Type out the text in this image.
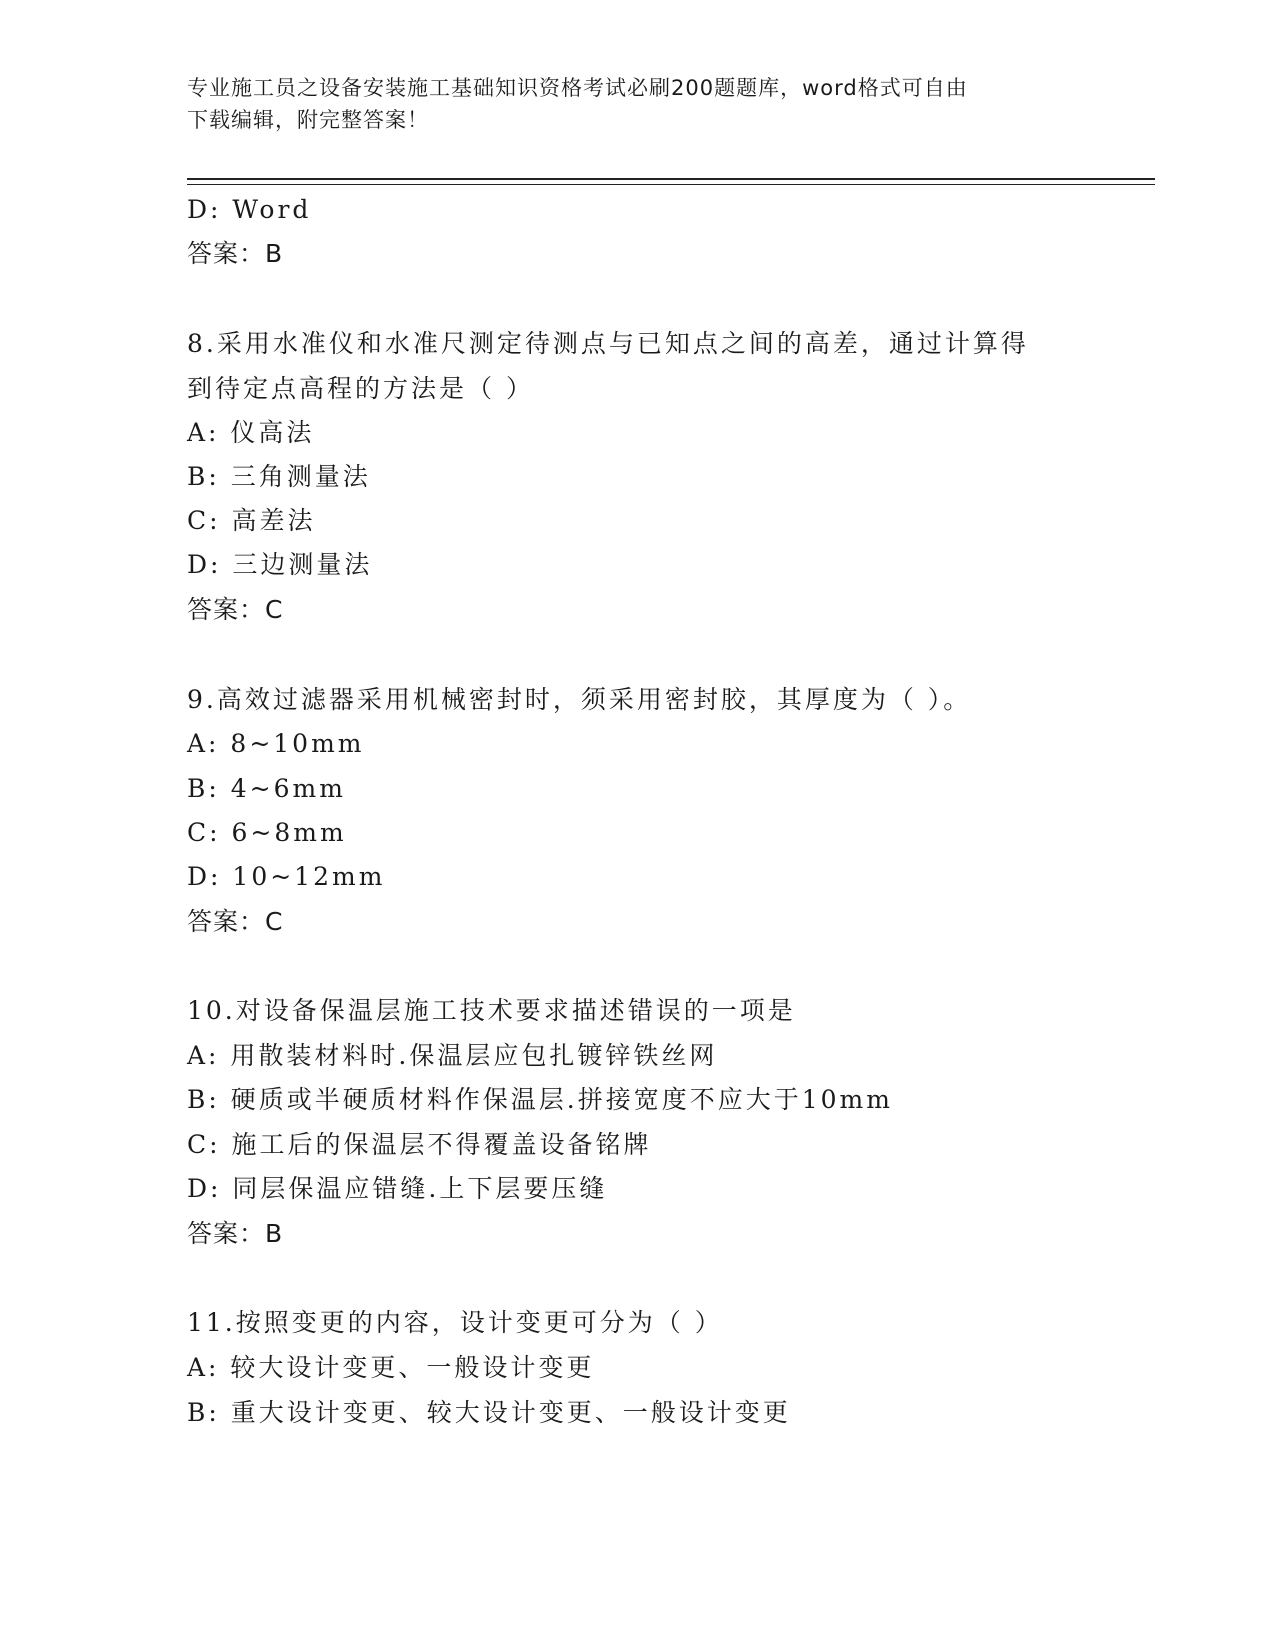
专业施工员之设备安装施工基础知识资格考试必刷200题题库，word格式可自由
下载编辑，附完整答案！
D: Word
答案：B
8.采用水准仪和水准尺测定待测点与已知点之间的高差，通过计算得
到待定点高程的方法是（ ）
A: 仪高法
B: 三角测量法
C: 高差法
D: 三边测量法
答案：C
9.高效过滤器采用机械密封时，须采用密封胶，其厚度为（ ）。
A: 8~10mm
B: 4~6mm
C: 6~8mm
D: 10~12mm
答案：C
10.对设备保温层施工技术要求描述错误的一项是
A: 用散装材料时.保温层应包扎镀锌铁丝网
B: 硬质或半硬质材料作保温层.拼接宽度不应大于10mm
C: 施工后的保温层不得覆盖设备铭牌
D: 同层保温应错缝.上下层要压缝
答案：B
11.按照变更的内容，设计变更可分为（ ）
A: 较大设计变更、一般设计变更
B: 重大设计变更、较大设计变更、一般设计变更
